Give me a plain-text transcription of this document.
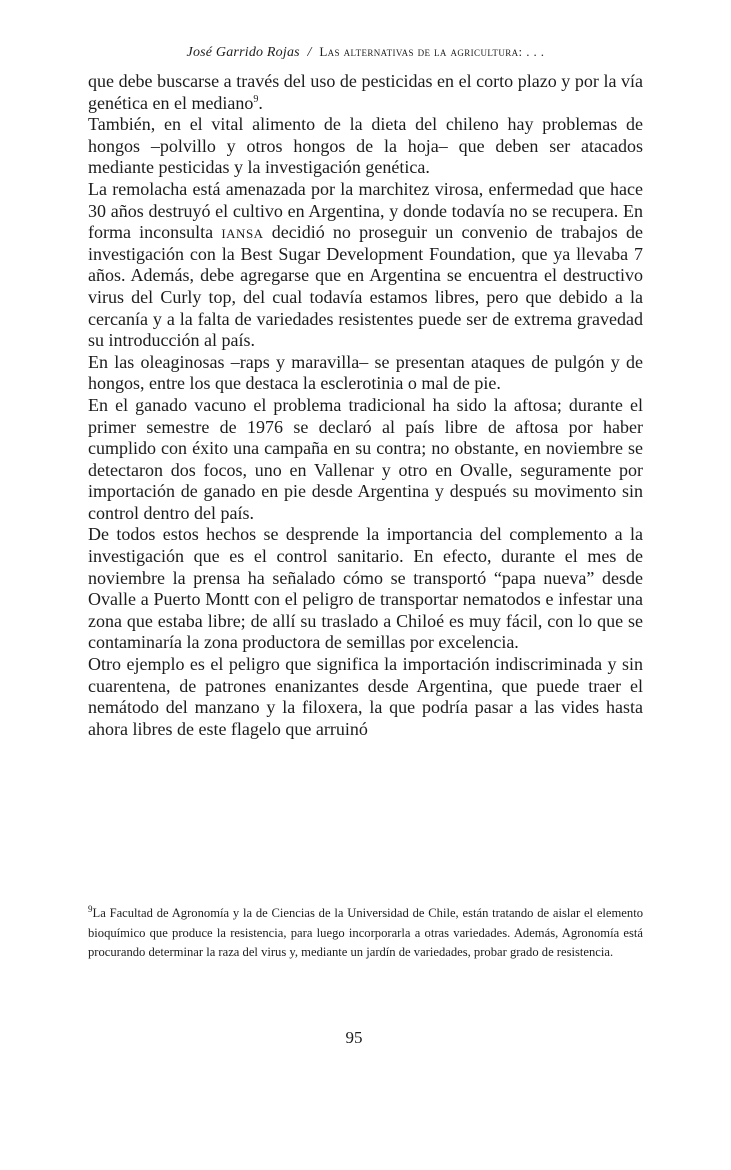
José Garrido Rojas / Las alternativas de la agricultura: . . .

que debe buscarse a través del uso de pesticidas en el corto plazo y por la vía genética en el mediano$^9$.

También, en el vital alimento de la dieta del chileno hay problemas de hongos –polvillo y otros hongos de la hoja– que deben ser atacados mediante pesticidas y la investigación genética.

La remolacha está amenazada por la marchitez virosa, enfermedad que hace 30 años destruyó el cultivo en Argentina, y donde todavía no se recupera. En forma inconsulta iansa decidió no proseguir un convenio de trabajos de investigación con la Best Sugar Development Foundation, que ya llevaba 7 años. Además, debe agregarse que en Argentina se encuentra el destructivo virus del Curly top, del cual todavía estamos libres, pero que debido a la cercanía y a la falta de variedades resistentes puede ser de extrema gravedad su introducción al país.

En las oleaginosas –raps y maravilla– se presentan ataques de pulgón y de hongos, entre los que destaca la esclerotinia o mal de pie.

En el ganado vacuno el problema tradicional ha sido la aftosa; durante el primer semestre de 1976 se declaró al país libre de aftosa por haber cumplido con éxito una campaña en su contra; no obstante, en noviembre se detectaron dos focos, uno en Vallenar y otro en Ovalle, seguramente por importación de ganado en pie desde Argentina y después su movimento sin control dentro del país.

De todos estos hechos se desprende la importancia del complemento a la investigación que es el control sanitario. En efecto, durante el mes de noviembre la prensa ha señalado cómo se transportó “papa nueva” desde Ovalle a Puerto Montt con el peligro de transportar nematodos e infestar una zona que estaba libre; de allí su traslado a Chiloé es muy fácil, con lo que se contaminaría la zona productora de semillas por excelencia.

Otro ejemplo es el peligro que significa la importación indiscriminada y sin cuarentena, de patrones enanizantes desde Argentina, que puede traer el nemátodo del manzano y la filoxera, la que podría pasar a las vides hasta ahora libres de este flagelo que arruinó

$^9$La Facultad de Agronomía y la de Ciencias de la Universidad de Chile, están tratando de aislar el elemento bioquímico que produce la resistencia, para luego incorporarla a otras variedades. Además, Agronomía está procurando determinar la raza del virus y, mediante un jardín de variedades, probar grado de resistencia.
95
